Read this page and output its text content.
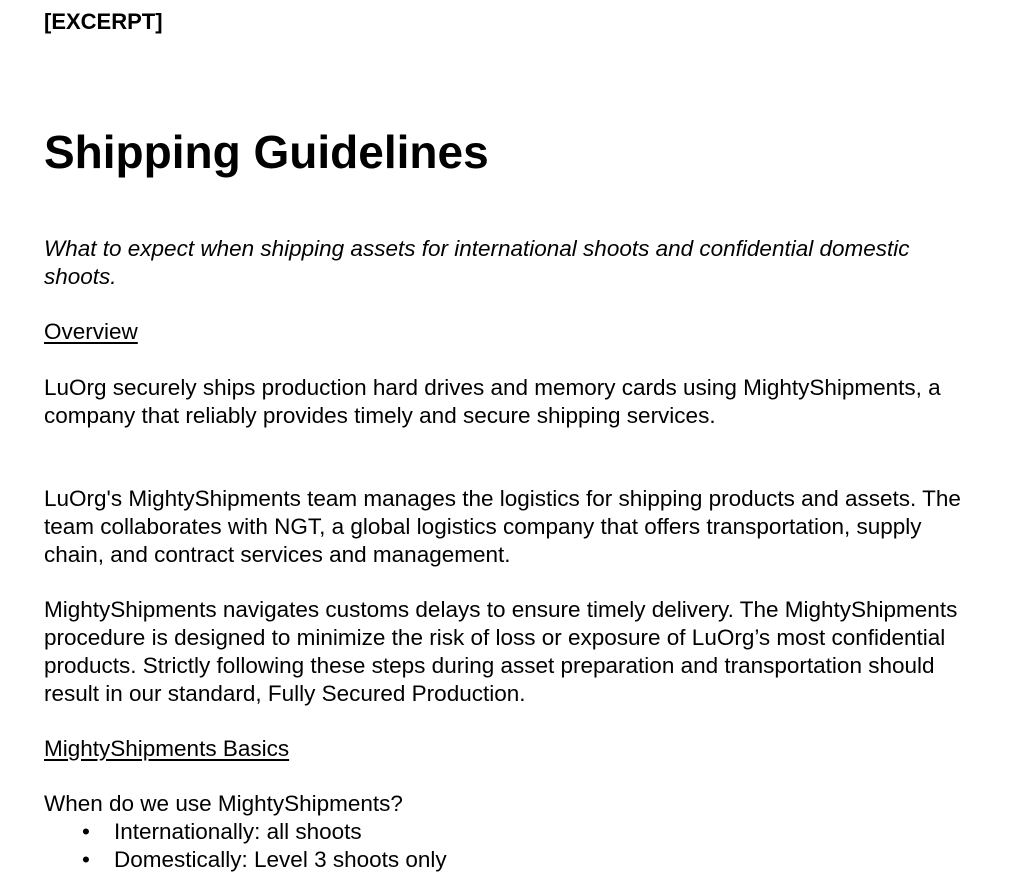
[EXCERPT]
Shipping Guidelines

What to expect when shipping assets for international shoots and confidential domestic shoots.

Overview

LuOrg securely ships production hard drives and memory cards using MightyShipments, a company that reliably provides timely and secure shipping services.

LuOrg's MightyShipments team manages the logistics for shipping products and assets. The team collaborates with NGT, a global logistics company that offers transportation, supply chain, and contract services and management.

MightyShipments navigates customs delays to ensure timely delivery. The MightyShipments procedure is designed to minimize the risk of loss or exposure of LuOrg’s most confidential products. Strictly following these steps during asset preparation and transportation should result in our standard, Fully Secured Production.

MightyShipments Basics

When do we use MightyShipments?

• Internationally: all shoots
• Domestically: Level 3 shoots only
